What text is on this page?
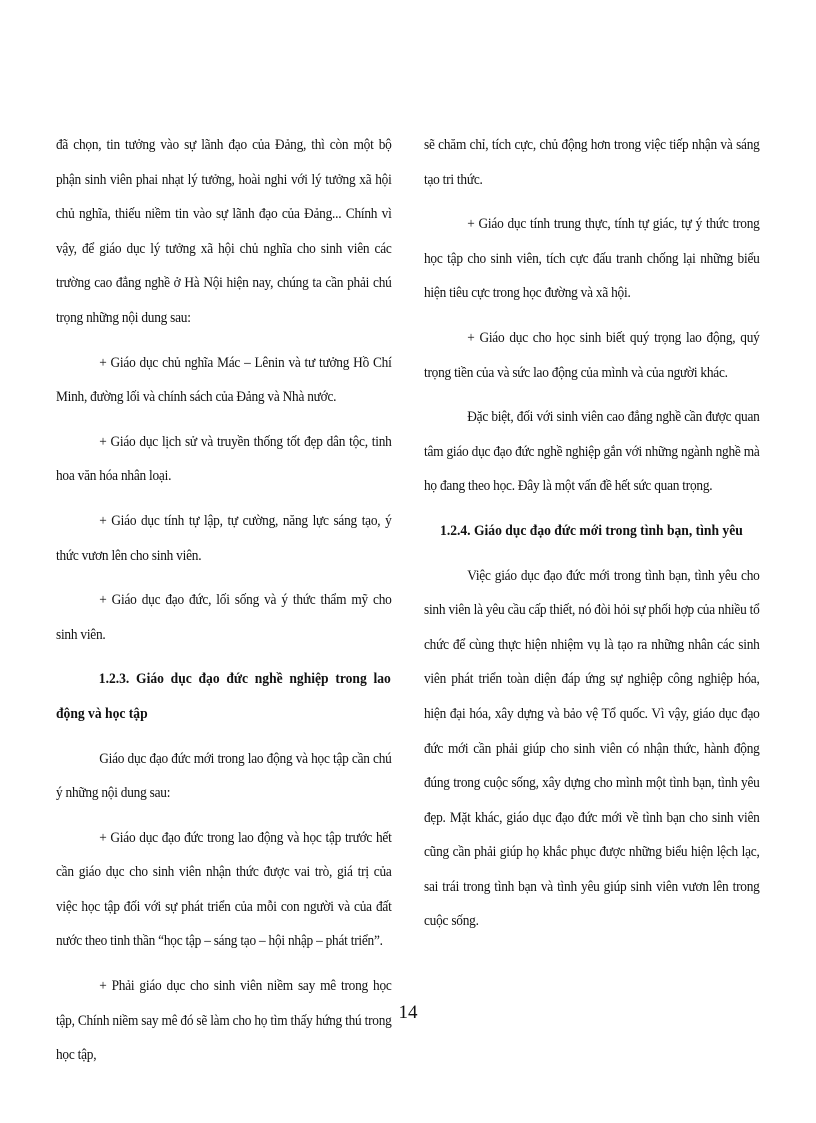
đã chọn, tin tưởng vào sự lãnh đạo của Đảng, thì còn một bộ phận sinh viên phai nhạt lý tưởng, hoài nghi với lý tưởng xã hội chủ nghĩa, thiếu niềm tin vào sự lãnh đạo của Đảng... Chính vì vậy, để giáo dục lý tưởng xã hội chủ nghĩa cho sinh viên các trường cao đẳng nghề ở Hà Nội hiện nay, chúng ta cần phải chú trọng những nội dung sau:

+ Giáo dục chủ nghĩa Mác – Lênin và tư tưởng Hồ Chí Minh, đường lối và chính sách của Đảng và Nhà nước.

+ Giáo dục lịch sử và truyền thống tốt đẹp dân tộc, tinh hoa văn hóa nhân loại.

+ Giáo dục tính tự lập, tự cường, năng lực sáng tạo, ý thức vươn lên cho sinh viên.

+ Giáo dục đạo đức, lối sống và ý thức thẩm mỹ cho sinh viên.

1.2.3. Giáo dục đạo đức nghề nghiệp trong lao động và học tập

Giáo dục đạo đức mới trong lao động và học tập cần chú ý những nội dung sau:

+ Giáo dục đạo đức trong lao động và học tập trước hết cần giáo dục cho sinh viên nhận thức được vai trò, giá trị của việc học tập đối với sự phát triển của mỗi con người và của đất nước theo tinh thần “học tập – sáng tạo – hội nhập – phát triển”.

+ Phải giáo dục cho sinh viên niềm say mê trong học tập, Chính niềm say mê đó sẽ làm cho họ tìm thấy hứng thú trong học tập,

sẽ chăm chỉ, tích cực, chủ động hơn trong việc tiếp nhận và sáng tạo tri thức.

+ Giáo dục tính trung thực, tính tự giác, tự ý thức trong học tập cho sinh viên, tích cực đấu tranh chống lại những biểu hiện tiêu cực trong học đường và xã hội.

+ Giáo dục cho học sinh biết quý trọng lao động, quý trọng tiền của và sức lao động của mình và của người khác.

Đặc biệt, đối với sinh viên cao đẳng nghề cần được quan tâm giáo dục đạo đức nghề nghiệp gắn với những ngành nghề mà họ đang theo học. Đây là một vấn đề hết sức quan trọng.

1.2.4. Giáo dục đạo đức mới trong tình bạn, tình yêu

Việc giáo dục đạo đức mới trong tình bạn, tình yêu cho sinh viên là yêu cầu cấp thiết, nó đòi hỏi sự phối hợp của nhiều tổ chức để cùng thực hiện nhiệm vụ là tạo ra những nhân các sinh viên phát triển toàn diện đáp ứng sự nghiệp công nghiệp hóa, hiện đại hóa, xây dựng và bảo vệ Tổ quốc. Vì vậy, giáo dục đạo đức mới cần phải giúp cho sinh viên có nhận thức, hành động đúng trong cuộc sống, xây dựng cho mình một tình bạn, tình yêu đẹp. Mặt khác, giáo dục đạo đức mới về tình bạn cho sinh viên cũng cần phải giúp họ khắc phục được những biểu hiện lệch lạc, sai trái trong tình bạn và tình yêu giúp sinh viên vươn lên trong cuộc sống.

14
